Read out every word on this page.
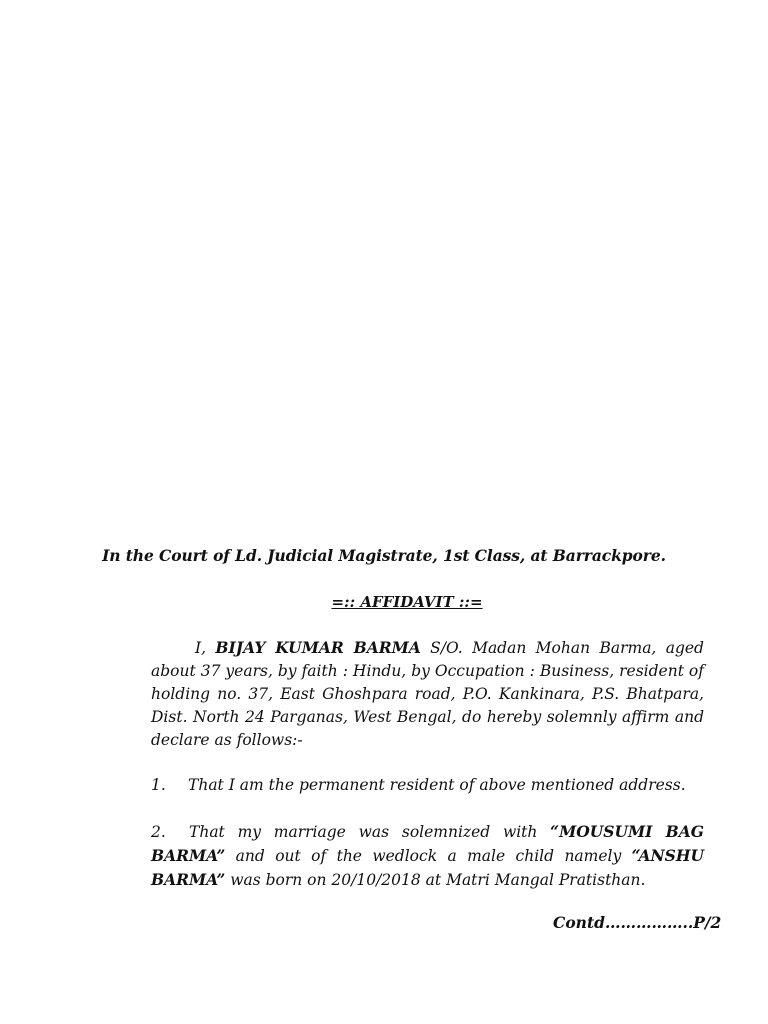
In the Court of Ld. Judicial Magistrate, 1st Class, at Barrackpore.
=:: AFFIDAVIT ::=

I, BIJAY KUMAR BARMA S/O. Madan Mohan Barma, aged about 37 years, by faith : Hindu, by Occupation : Business, resident of holding no. 37, East Ghoshpara road, P.O. Kankinara, P.S. Bhatpara, Dist. North 24 Parganas, West Bengal, do hereby solemnly affirm and declare as follows:-

1. That I am the permanent resident of above mentioned address.

2. That my marriage was solemnized with “MOUSUMI BAG BARMA” and out of the wedlock a male child namely “ANSHU BARMA” was born on 20/10/2018 at Matri Mangal Pratisthan.

Contd……………..P/2
